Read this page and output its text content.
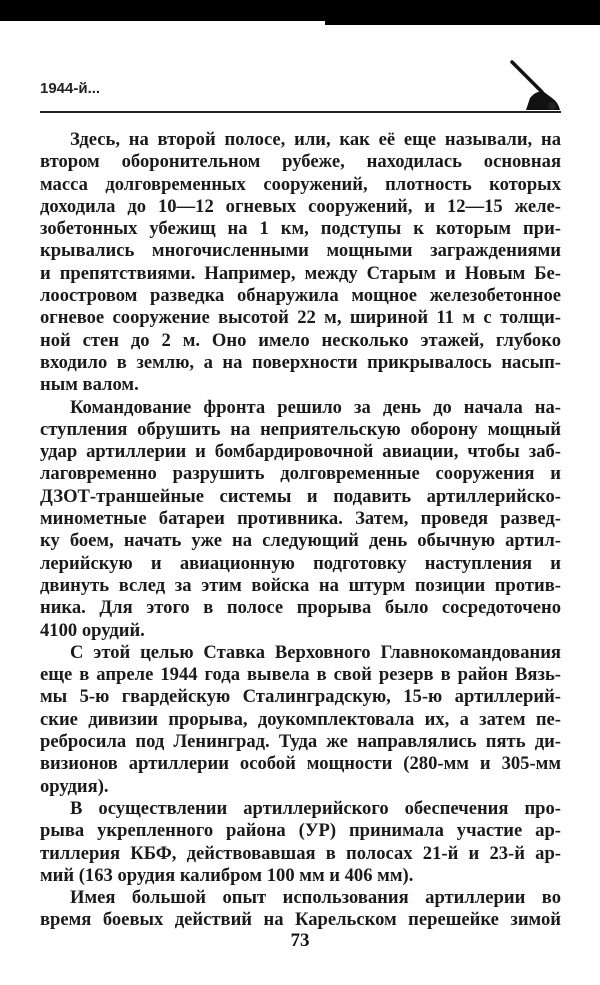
1944-й...
Здесь, на второй полосе, или, как её еще называли, на
втором оборонительном рубеже, находилась основная
масса долговременных сооружений, плотность которых
доходила до 10—12 огневых сооружений, и 12—15 желе-
зобетонных убежищ на 1 км, подступы к которым при-
крывались многочисленными мощными заграждениями
и препятствиями. Например, между Старым и Новым Бе-
лоостровом разведка обнаружила мощное железобетонное
огневое сооружение высотой 22 м, шириной 11 м с толщи-
ной стен до 2 м. Оно имело несколько этажей, глубоко
входило в землю, а на поверхности прикрывалось насып-
ным валом.
Командование фронта решило за день до начала на-
ступления обрушить на неприятельскую оборону мощный
удар артиллерии и бомбардировочной авиации, чтобы заб-
лаговременно разрушить долговременные сооружения и
ДЗОТ-траншейные системы и подавить артиллерийско-
минометные батареи противника. Затем, проведя развед-
ку боем, начать уже на следующий день обычную артил-
лерийскую и авиационную подготовку наступления и
двинуть вслед за этим войска на штурм позиции против-
ника. Для этого в полосе прорыва было сосредоточено
4100 орудий.
С этой целью Ставка Верховного Главнокомандования
еще в апреле 1944 года вывела в свой резерв в район Вязь-
мы 5-ю гвардейскую Сталинградскую, 15-ю артиллерий-
ские дивизии прорыва, доукомплектовала их, а затем пе-
ребросила под Ленинград. Туда же направлялись пять ди-
визионов артиллерии особой мощности (280-мм и 305-мм
орудия).
В осуществлении артиллерийского обеспечения про-
рыва укрепленного района (УР) принимала участие ар-
тиллерия КБФ, действовавшая в полосах 21-й и 23-й ар-
мий (163 орудия калибром 100 мм и 406 мм).
Имея большой опыт использования артиллерии во
время боевых действий на Карельском перешейке зимой
73
